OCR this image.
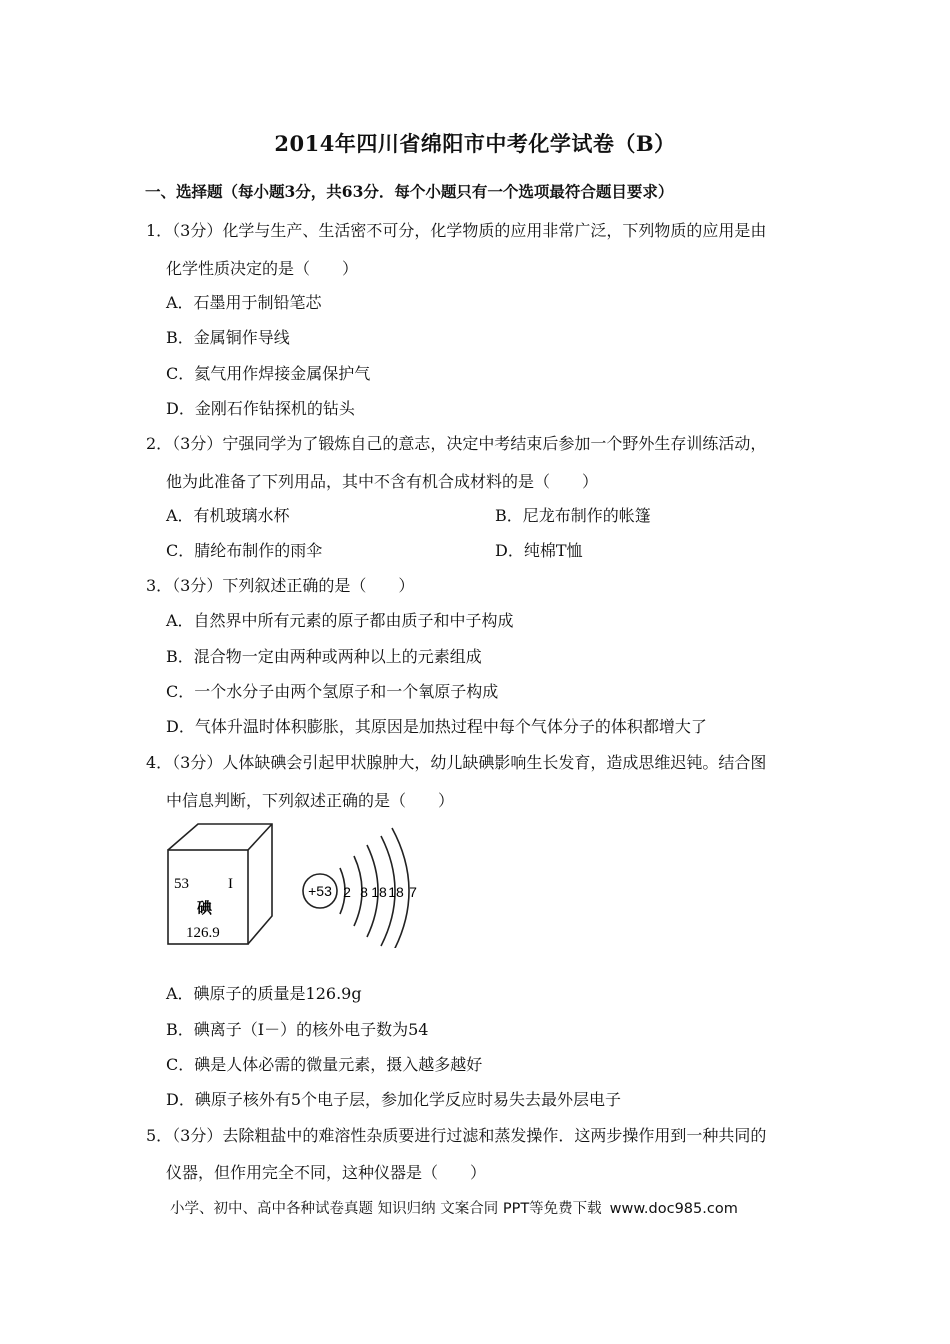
2014年四川省绵阳市中考化学试卷（B）
一、选择题（每小题3分，共63分．每个小题只有一个选项最符合题目要求）
1．（3分）化学与生产、生活密不可分，化学物质的应用非常广泛，下列物质的应用是由
化学性质决定的是（　　）
A．石墨用于制铅笔芯
B．金属铜作导线
C．氦气用作焊接金属保护气
D．金刚石作钻探机的钻头
2．（3分）宁强同学为了锻炼自己的意志，决定中考结束后参加一个野外生存训练活动，
他为此准备了下列用品，其中不含有机合成材料的是（　　）
A．有机玻璃水杯	B．尼龙布制作的帐篷
C．腈纶布制作的雨伞	D．纯棉T恤
3．（3分）下列叙述正确的是（　　）
A．自然界中所有元素的原子都由质子和中子构成
B．混合物一定由两种或两种以上的元素组成
C．一个水分子由两个氢原子和一个氧原子构成
D．气体升温时体积膨胀，其原因是加热过程中每个气体分子的体积都增大了
4．（3分）人体缺碘会引起甲状腺肿大，幼儿缺碘影响生长发育，造成思维迟钝。结合图
中信息判断，下列叙述正确的是（　　）
53	I
碘
126.9
+53 2 8 18 18 7
A．碘原子的质量是126.9g
B．碘离子（I－）的核外电子数为54
C．碘是人体必需的微量元素，摄入越多越好
D．碘原子核外有5个电子层，参加化学反应时易失去最外层电子
5．（3分）去除粗盐中的难溶性杂质要进行过滤和蒸发操作．这两步操作用到一种共同的
仪器，但作用完全不同，这种仪器是（　　）
小学、初中、高中各种试卷真题 知识归纳 文案合同 PPT等免费下载 www.doc985.com
